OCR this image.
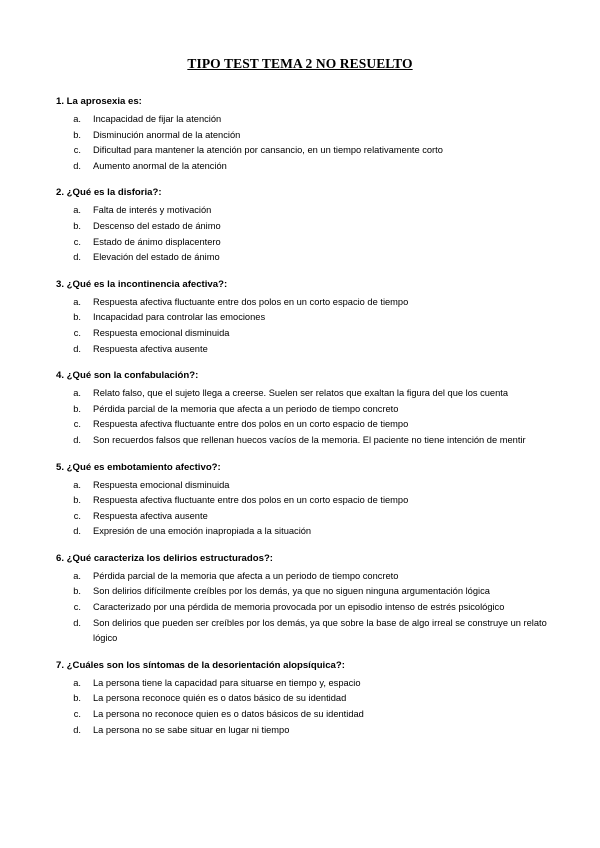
TIPO TEST TEMA 2 NO RESUELTO
1. La aprosexia es:
a.	Incapacidad de fijar la atención
b.	Disminución anormal de la atención
c.	Dificultad para mantener la atención por cansancio, en un tiempo relativamente corto
d.	Aumento anormal de la atención
2. ¿Qué es la disforia?:
a.	Falta de interés y motivación
b.	Descenso del estado de ánimo
c.	Estado de ánimo displacentero
d.	Elevación del estado de ánimo
3. ¿Qué es la incontinencia afectiva?:
a.	Respuesta afectiva fluctuante entre dos polos en un corto espacio de tiempo
b.	Incapacidad para controlar las emociones
c.	Respuesta emocional disminuida
d.	Respuesta afectiva ausente
4. ¿Qué son la confabulación?:
a.	Relato falso, que el sujeto llega a creerse. Suelen ser relatos que exaltan la figura del que los cuenta
b.	Pérdida parcial de la memoria que afecta a un periodo de tiempo concreto
c.	Respuesta afectiva fluctuante entre dos polos en un corto espacio de tiempo
d.	Son recuerdos falsos que rellenan huecos vacíos de la memoria. El paciente no tiene intención de mentir
5. ¿Qué es embotamiento afectivo?:
a.	Respuesta emocional disminuida
b.	Respuesta afectiva fluctuante entre dos polos en un corto espacio de tiempo
c.	Respuesta afectiva ausente
d.	Expresión de una emoción inapropiada a la situación
6. ¿Qué caracteriza los delirios estructurados?:
a.	Pérdida parcial de la memoria que afecta a un periodo de tiempo concreto
b.	Son delirios difícilmente creíbles por los demás, ya que no siguen ninguna argumentación lógica
c.	Caracterizado por una pérdida de memoria provocada por un episodio intenso de estrés psicológico
d.	Son delirios que pueden ser creíbles por los demás, ya que sobre la base de algo irreal se construye un relato lógico
7. ¿Cuáles son los síntomas de la desorientación alopsíquica?:
a.	La persona tiene la capacidad para situarse en tiempo y, espacio
b.	La persona reconoce quién es o datos básico de su identidad
c.	La persona no reconoce quien es o datos básicos de su identidad
d.	La persona no se sabe situar en lugar ni tiempo
